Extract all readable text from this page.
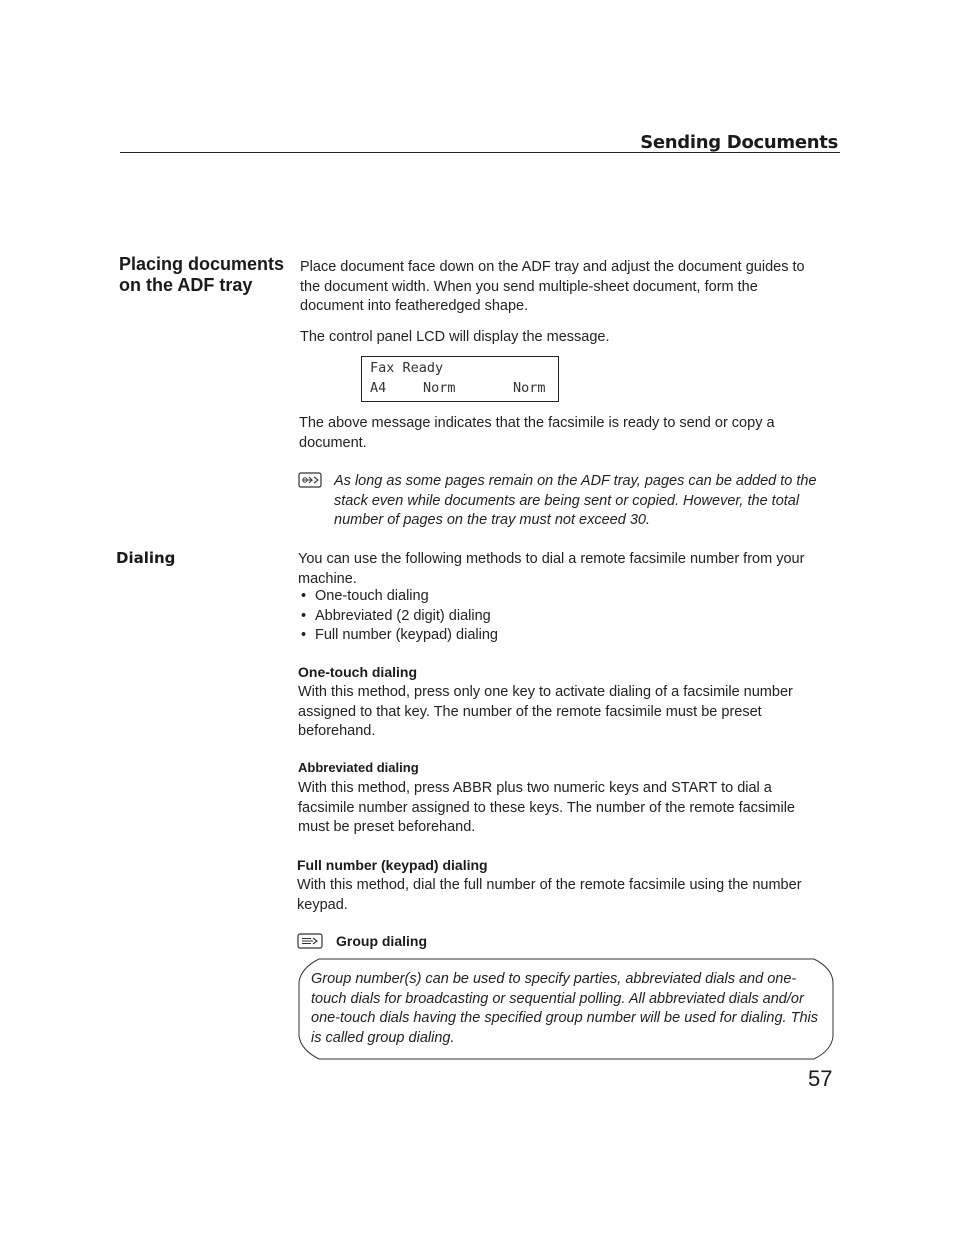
Sending Documents
Placing documents on the ADF tray
Place document face down on the ADF tray and adjust the document guides to the document width. When you send multiple-sheet document, form the document into featheredged shape.
The control panel LCD will display the message.
Fax Ready
A4	Norm	Norm
The above message indicates that the facsimile is ready to send or copy a document.
As long as some pages remain on the ADF tray, pages can be added to the stack even while documents are being sent or copied. However, the total number of pages on the tray must not exceed 30.
Dialing	You can use the following methods to dial a remote facsimile number from your machine.
• One-touch dialing
• Abbreviated (2 digit) dialing
• Full number (keypad) dialing
One-touch dialing
With this method, press only one key to activate dialing of a facsimile number assigned to that key. The number of the remote facsimile must be preset beforehand.
Abbreviated dialing
With this method, press ABBR plus two numeric keys and START to dial a facsimile number assigned to these keys. The number of the remote facsimile must be preset beforehand.
Full number (keypad) dialing
With this method, dial the full number of the remote facsimile using the number keypad.
Group dialing
Group number(s) can be used to specify parties, abbreviated dials and one-touch dials for broadcasting or sequential polling. All abbreviated dials and/or one-touch dials having the specified group number will be used for dialing. This is called group dialing.
57
